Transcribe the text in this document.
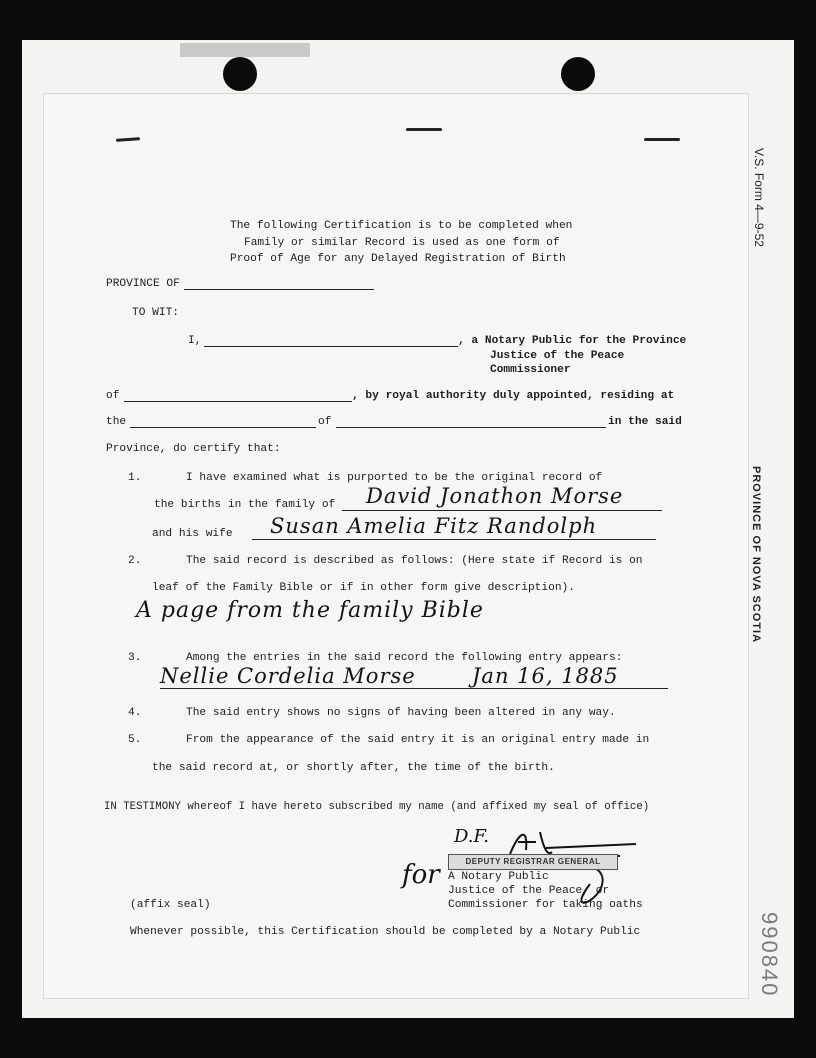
V.S. Form 4—9-52
PROVINCE OF NOVA SCOTIA
990840
The following Certification is to be completed when
Family or similar Record is used as one form of
Proof of Age for any Delayed Registration of Birth
PROVINCE OF
TO WIT:
I,	, a Notary Public for the Province
Justice of the Peace
Commissioner
of	, by royal authority duly appointed, residing at
the	of	in the said
Province, do certify that:
1.	I have examined what is purported to be the original record of
the births in the family of David Jonathon Morse
and his wife Susan Amelia Fitz Randolph
2.	The said record is described as follows: (Here state if Record is on
leaf of the Family Bible or if in other form give description).
A page from the family Bible
3.	Among the entries in the said record the following entry appears:
Nellie Cordelia Morse	Jan 16, 1885
4.	The said entry shows no signs of having been altered in any way.
5.	From the appearance of the said entry it is an original entry made in
the said record at, or shortly after, the time of the birth.
IN TESTIMONY whereof I have hereto subscribed my name (and affixed my seal of office)
for
D.F.
DEPUTY REGISTRAR GENERAL
A Notary Public
Justice of the Peace, or
Commissioner for taking oaths
(affix seal)
Whenever possible, this Certification should be completed by a Notary Public
